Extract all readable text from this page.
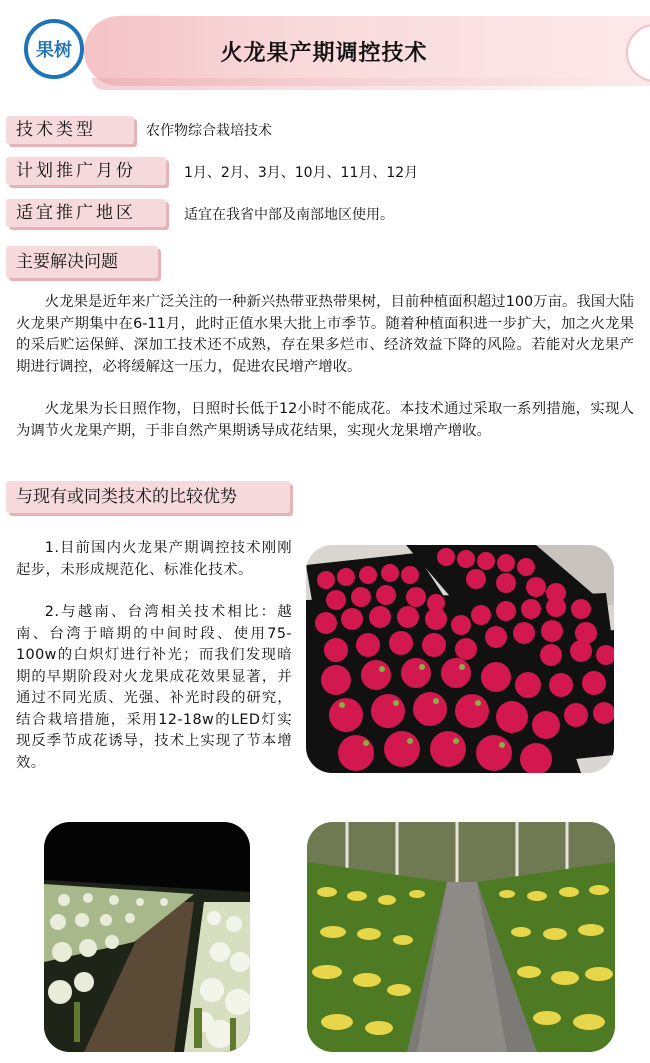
果树	火龙果产期调控技术
技术类型	农作物综合栽培技术
计划推广月份	1月、2月、3月、10月、11月、12月
适宜推广地区	适宜在我省中部及南部地区使用。
主要解决问题

火龙果是近年来广泛关注的一种新兴热带亚热带果树，目前种植面积超过100万亩。我国大陆火龙果产期集中在6-11月，此时正值水果大批上市季节。随着种植面积进一步扩大，加之火龙果的采后贮运保鲜、深加工技术还不成熟，存在果多烂市、经济效益下降的风险。若能对火龙果产期进行调控，必将缓解这一压力，促进农民增产增收。

火龙果为长日照作物，日照时长低于12小时不能成花。本技术通过采取一系列措施，实现人为调节火龙果产期，于非自然产果期诱导成花结果，实现火龙果增产增收。

与现有或同类技术的比较优势

1.目前国内火龙果产期调控技术刚刚起步，未形成规范化、标准化技术。

2.与越南、台湾相关技术相比：越南、台湾于暗期的中间时段、使用75-100w的白炽灯进行补光；而我们发现暗期的早期阶段对火龙果成花效果显著，并通过不同光质、光强、补光时段的研究，结合栽培措施，采用12-18w的LED灯实现反季节成花诱导，技术上实现了节本增效。
